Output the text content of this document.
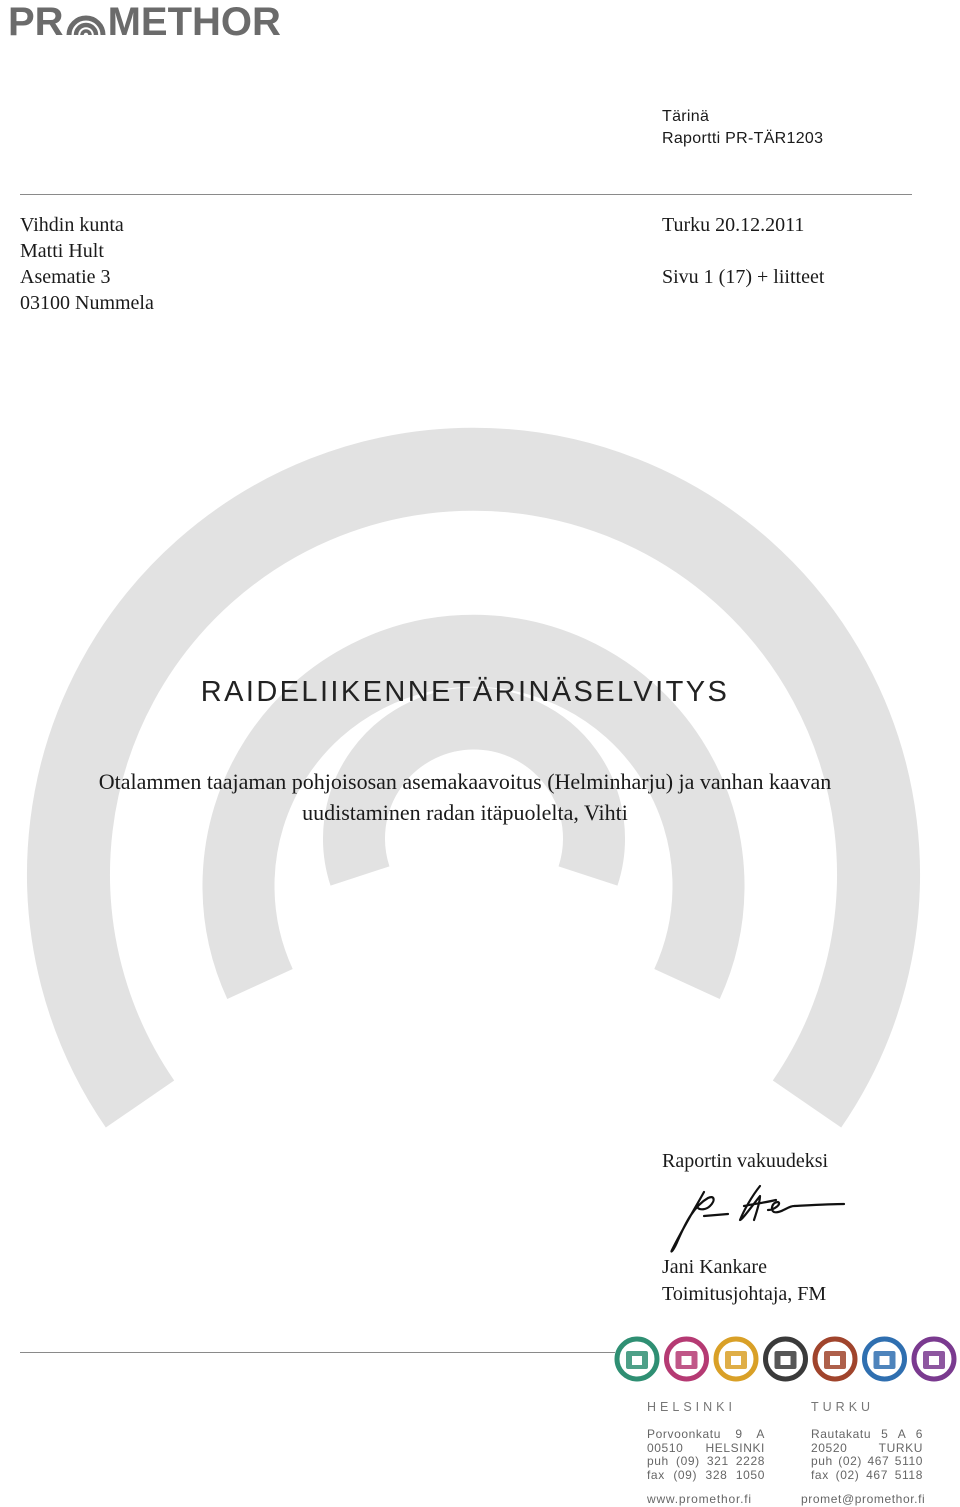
PR METHOR
Tärinä
Raportti PR-TÄR1203
Vihdin kunta
Matti Hult
Asematie 3
03100 Nummela
Turku 20.12.2011
Sivu 1 (17) + liitteet
RAIDELIIKENNETÄRINÄSELVITYS
Otalammen taajaman pohjoisosan asemakaavoitus (Helminharju) ja vanhan kaavan
uudistaminen radan itäpuolelta, Vihti
Raportin vakuudeksi
Jani Kankare
Toimitusjohtaja, FM
HELSINKI
Porvoonkatu 9 A
00510 HELSINKI
puh (09) 321 2228
fax (09) 328 1050
TURKU
Rautakatu 5 A 6
20520 TURKU
puh (02) 467 5110
fax (02) 467 5118
www.promethor.fi	promet@promethor.fi
